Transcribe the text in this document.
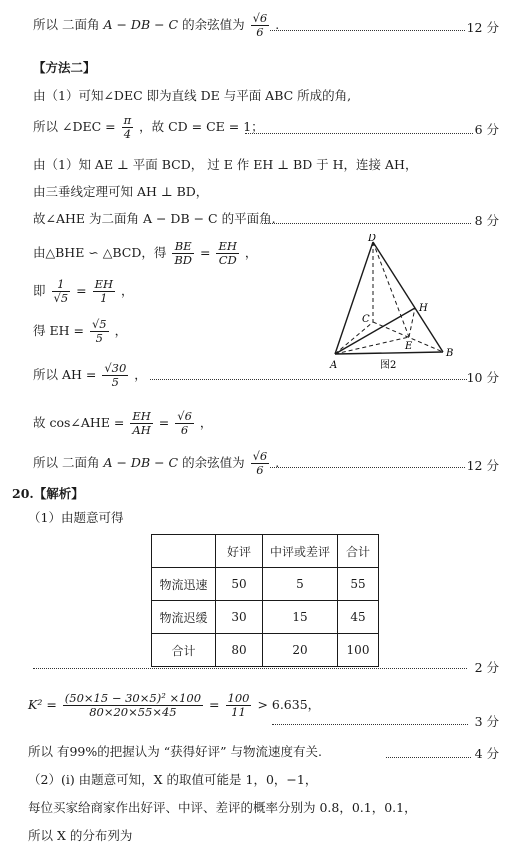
所以 二面角 A − DB − C 的余弦值为 $\frac{√6}{6}$ .	12 分
【方法二】
由（1）可知∠DEC 即为直线 DE 与平面 ABC 所成的角,
所以 ∠DEC = $\frac{\pi}{4}$ ，故 CD = CE = 1；	6 分
由（1）知 AE ⊥ 平面 BCD， 过 E 作 EH ⊥ BD 于 H，连接 AH，
由三垂线定理可知 AH ⊥ BD，
故∠AHE 为二面角 A − DB − C 的平面角.	8 分
由△BHE ∽ △BCD，得 $\frac{BE}{BD} = \frac{EH}{CD}$ ，
即 $\frac{1}{√5} = \frac{EH}{1}$ ，
得 EH = $\frac{√5}{5}$ ，
所以 AH = $\frac{√30}{5}$ ，	10 分
故 cos∠AHE = $\frac{EH}{AH} = \frac{√6}{6}$ ，
所以 二面角 A − DB − C 的余弦值为 $\frac{√6}{6}$ .	12 分
20.【解析】
（1）由题意可得
	好评	中评或差评	合计
物流迅速	50	5	55
物流迟缓	30	15	45
合计	80	20	100
2 分
$K^2 = \frac{\text{(50×15 − 30×5)² ×100}}{80\times 20\times 55\times 45} = \frac{100}{11} > 6.635$，
3 分
所以 有99%的把握认为 “获得好评” 与物流速度有关.	4 分
（2）(i) 由题意可知，X 的取值可能是 1，0，−1，
每位买家给商家作出好评、中评、差评的概率分别为 0.8，0.1，0.1，
所以 X 的分布列为
D
C
H
E
B
A	图2
